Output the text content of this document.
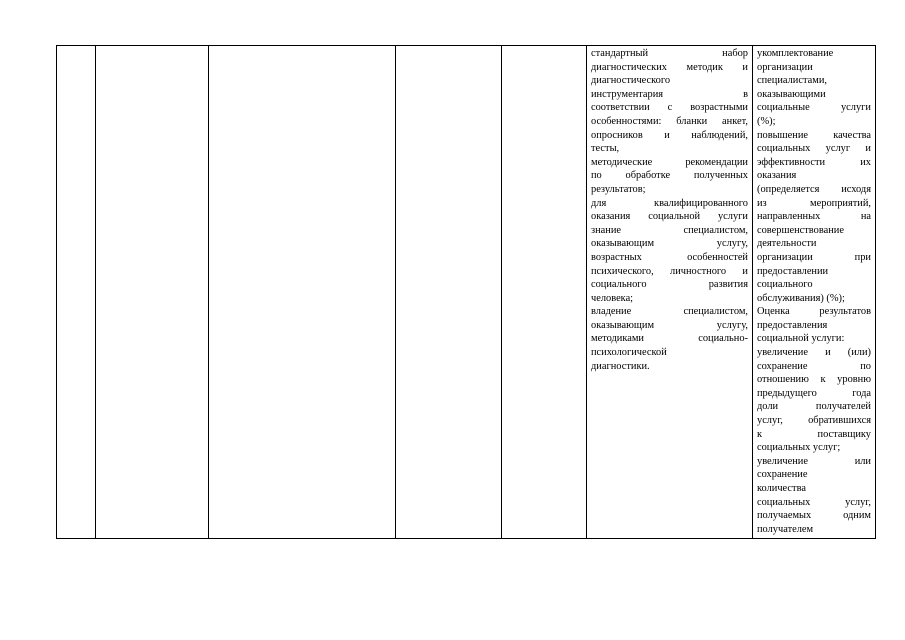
стандартный набор
диагностических методик и
диагностического
инструментария в
соответствии с возрастными
особенностями: бланки анкет,
опросников и наблюдений,
тесты,
методические рекомендации
по обработке полученных
результатов;
для квалифицированного
оказания социальной услуги
знание специалистом,
оказывающим услугу,
возрастных особенностей
психического, личностного и
социального развития
человека;
владение специалистом,
оказывающим услугу,
методиками социально-
психологической
диагностики.

укомплектование
организации
специалистами,
оказывающими
социальные услуги
(%);
повышение качества
социальных услуг и
эффективности их
оказания
(определяется исходя
из мероприятий,
направленных на
совершенствование
деятельности
организации при
предоставлении
социального
обслуживания) (%);
Оценка результатов
предоставления
социальной услуги:
увеличение и (или)
сохранение по
отношению к уровню
предыдущего года
доли получателей
услуг, обратившихся
к поставщику
социальных услуг;
увеличение или
сохранение
количества
социальных услуг,
получаемых одним
получателем
